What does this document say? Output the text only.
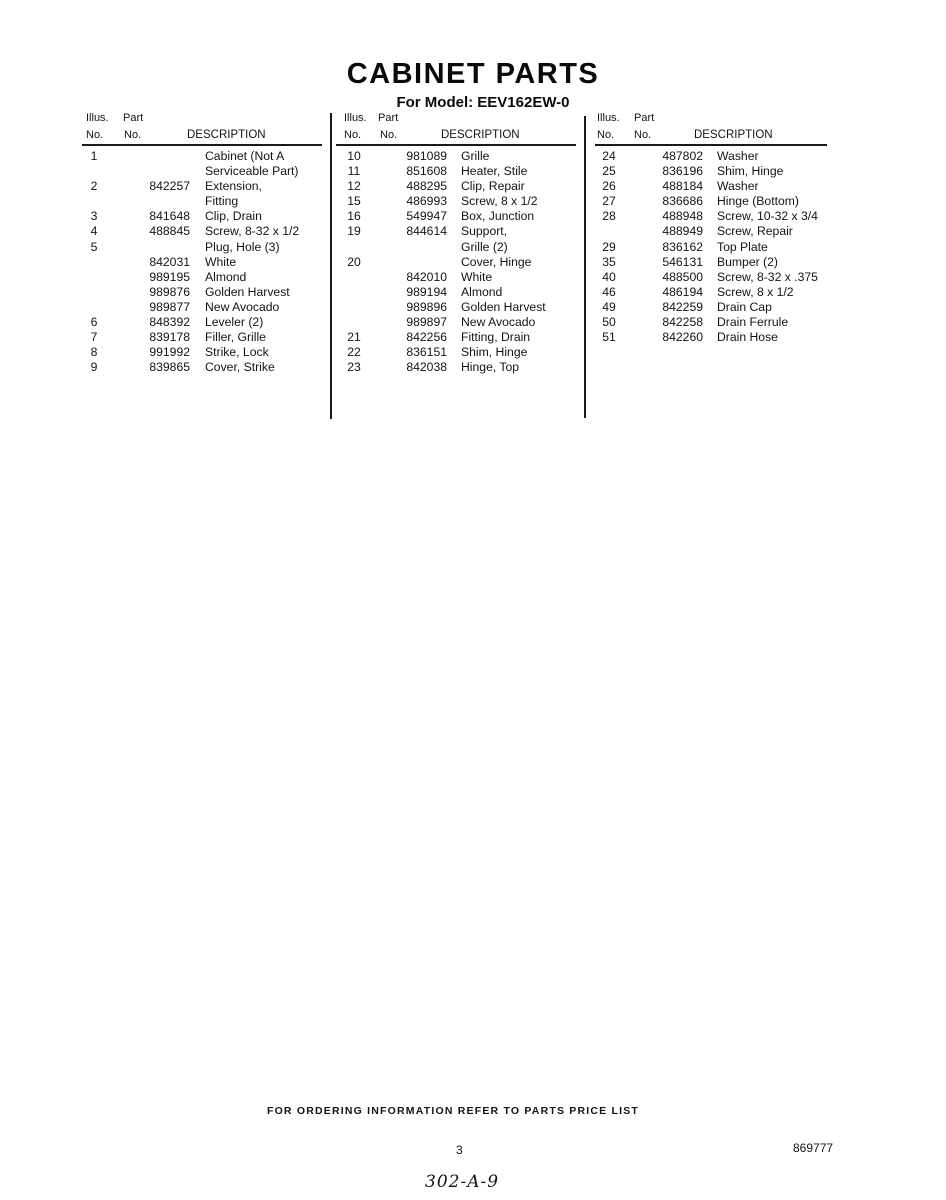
CABINET PARTS
For Model: EEV162EW-0
Illus. Part
No. No.	DESCRIPTION
1	Cabinet (Not A
Serviceable Part)
2	842257 Extension,
Fitting
3	841648 Clip, Drain
4	488845 Screw, 8-32 x 1/2
5	Plug, Hole (3)
842031 White
989195 Almond
989876 Golden Harvest
989877 New Avocado
6	848392 Leveler (2)
7	839178 Filler, Grille
8	991992 Strike, Lock
9	839865 Cover, Strike
Illus. Part
No. No.	DESCRIPTION
10	981089 Grille
11	851608 Heater, Stile
12	488295 Clip, Repair
15	486993 Screw, 8 x 1/2
16	549947 Box, Junction
19	844614 Support,
Grille (2)
20	Cover, Hinge
842010 White
989194 Almond
989896 Golden Harvest
989897 New Avocado
21	842256 Fitting, Drain
22	836151 Shim, Hinge
23	842038 Hinge, Top
Illus. Part
No. No.	DESCRIPTION
24	487802 Washer
25	836196 Shim, Hinge
26	488184 Washer
27	836686 Hinge (Bottom)
28	488948 Screw, 10-32 x 3/4
488949 Screw, Repair
29	836162 Top Plate
35	546131 Bumper (2)
40	488500 Screw, 8-32 x .375
46	486194 Screw, 8 x 1/2
49	842259 Drain Cap
50	842258 Drain Ferrule
51	842260 Drain Hose
FOR ORDERING INFORMATION REFER TO PARTS PRICE LIST
3	869777
302-A-9
